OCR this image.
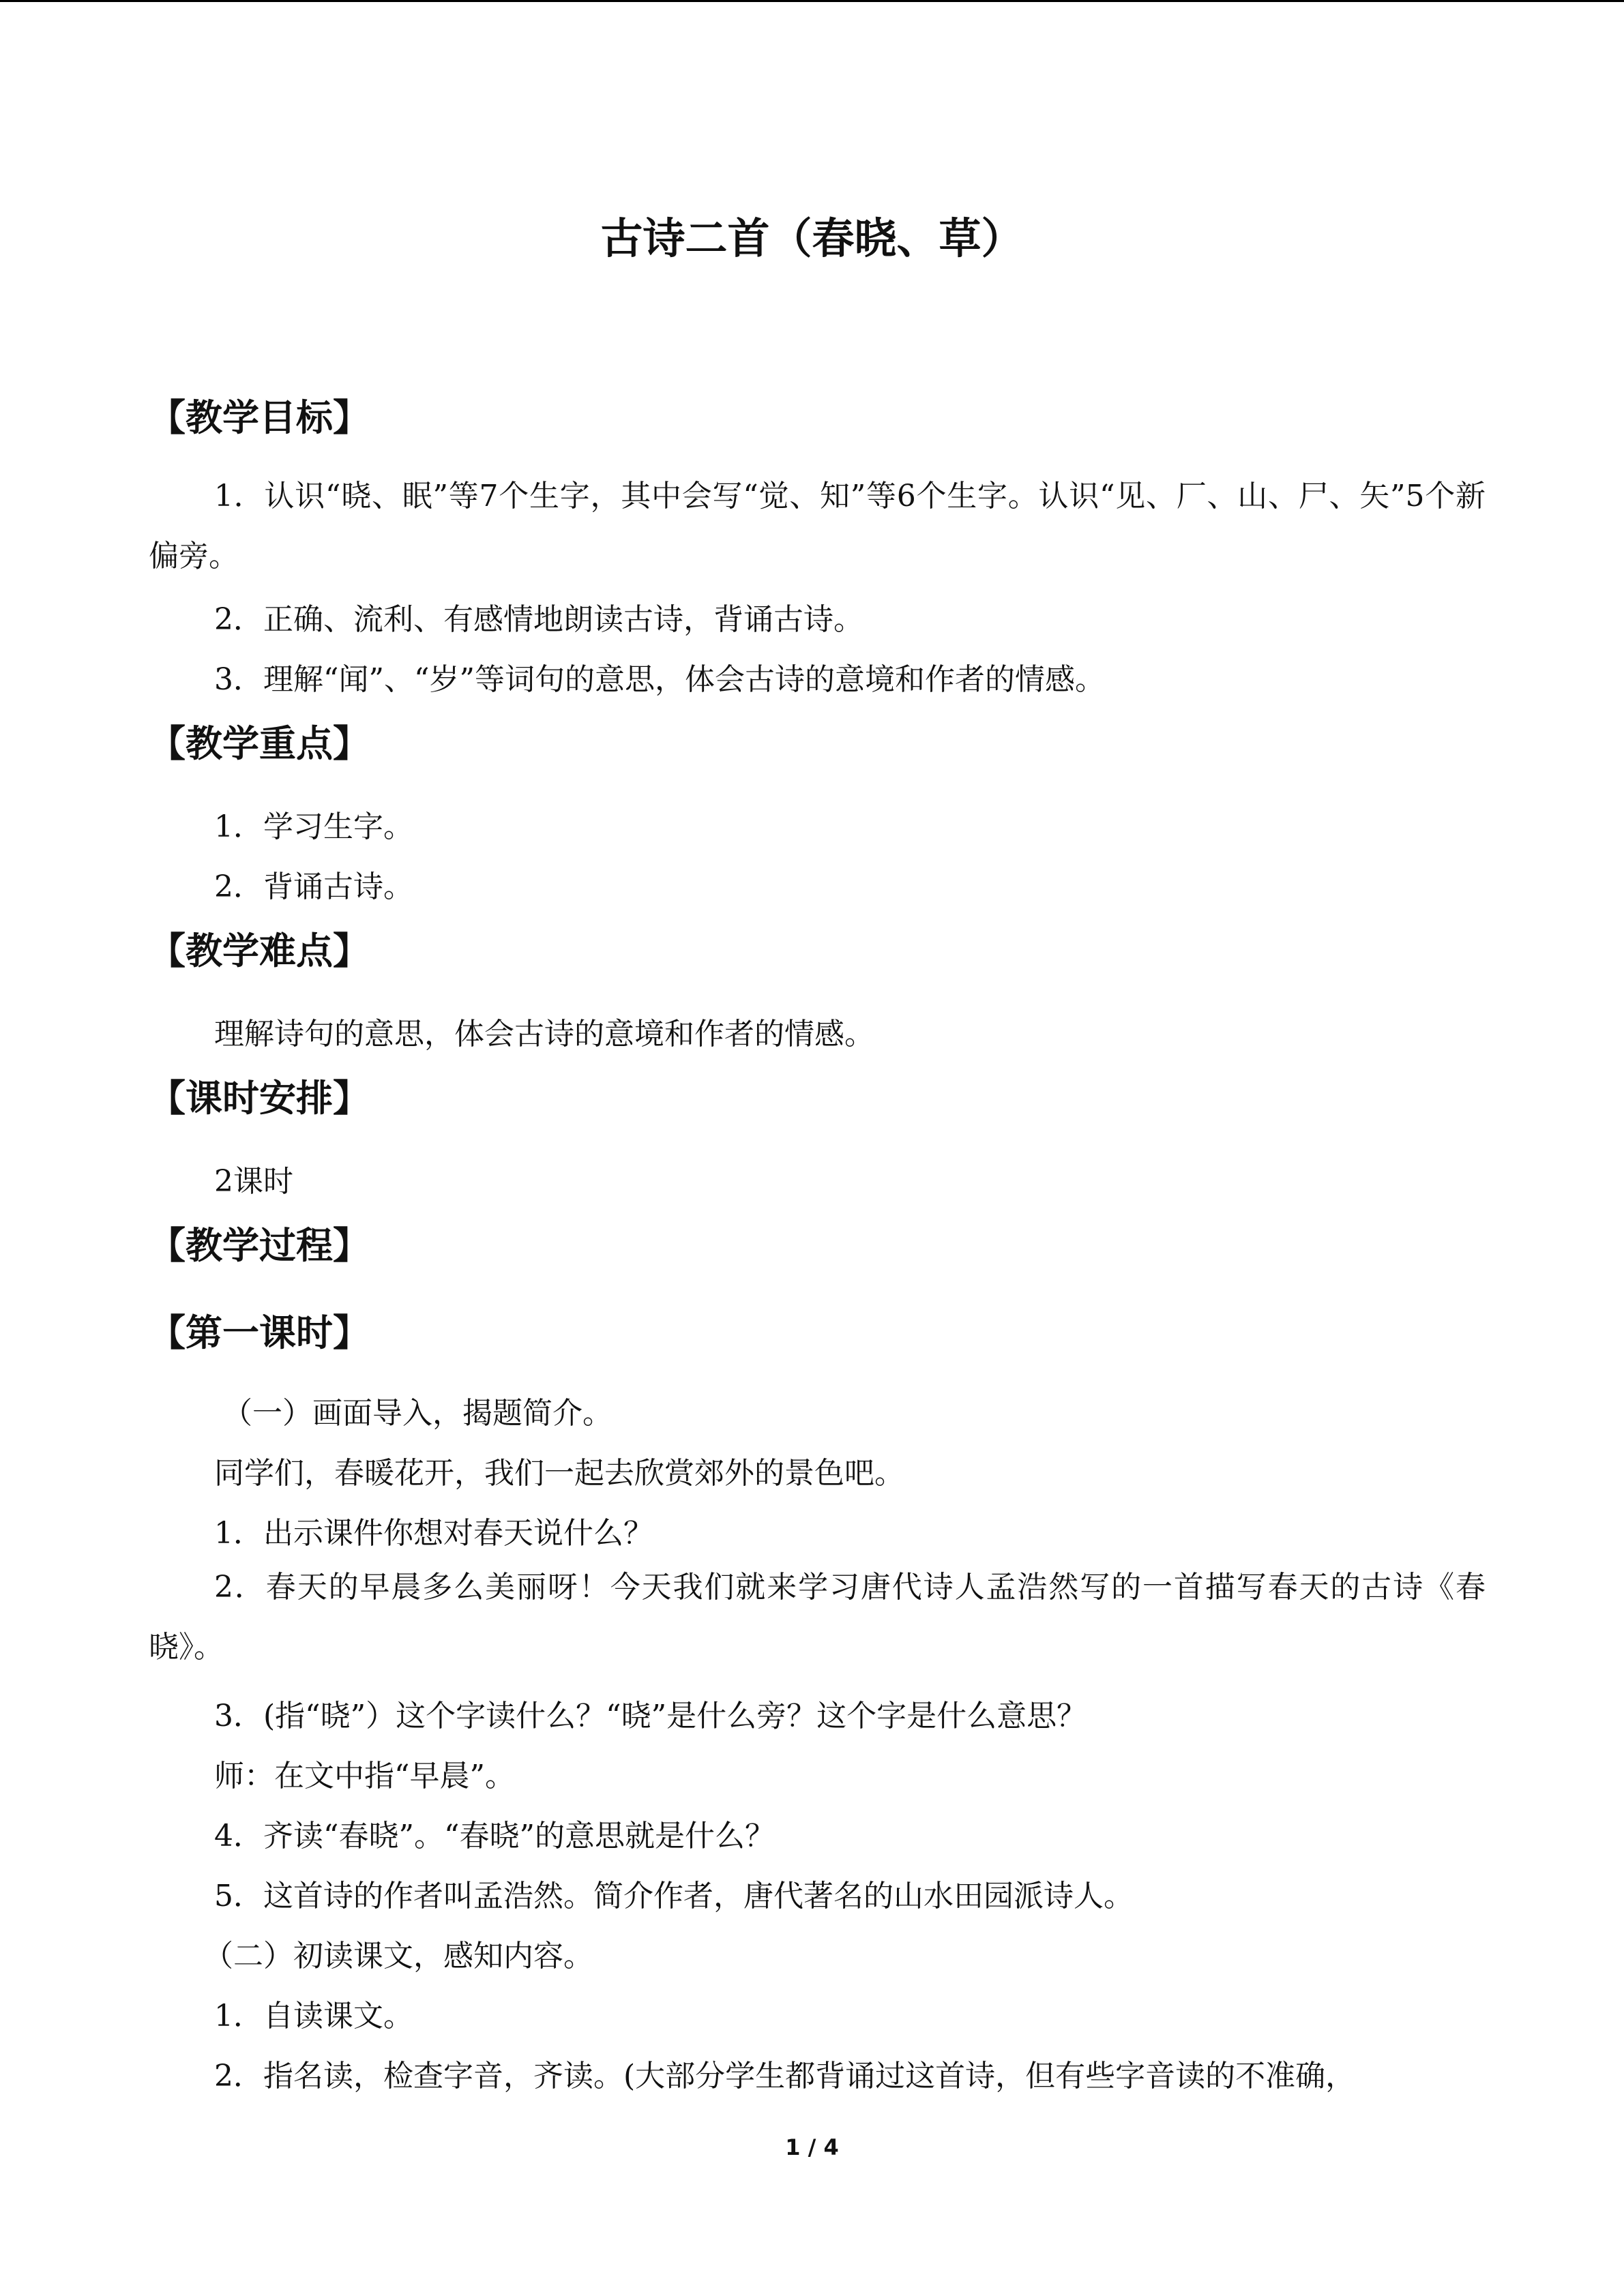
古诗二首（春晓、草）
【教学目标】

1．认识“晓、眠”等7个生字，其中会写“觉、知”等6个生字。认识“见、厂、山、尸、矢”5个新偏旁。

2．正确、流利、有感情地朗读古诗，背诵古诗。

3．理解“闻”、“岁”等词句的意思，体会古诗的意境和作者的情感。

【教学重点】

1．学习生字。

2．背诵古诗。

【教学难点】

理解诗句的意思，体会古诗的意境和作者的情感。

【课时安排】

2课时

【教学过程】
【第一课时】

（一）画面导入，揭题简介。

同学们，春暖花开，我们一起去欣赏郊外的景色吧。

1．出示课件你想对春天说什么？

2．春天的早晨多么美丽呀！今天我们就来学习唐代诗人孟浩然写的一首描写春天的古诗《春晓》。

3．(指“晓”）这个字读什么？“晓”是什么旁？这个字是什么意思？

师：在文中指“早晨”。

4．齐读“春晓”。“春晓”的意思就是什么？

5．这首诗的作者叫孟浩然。简介作者，唐代著名的山水田园派诗人。

（二）初读课文，感知内容。

1．自读课文。

2．指名读，检查字音，齐读。(大部分学生都背诵过这首诗，但有些字音读的不准确，

1 / 4
